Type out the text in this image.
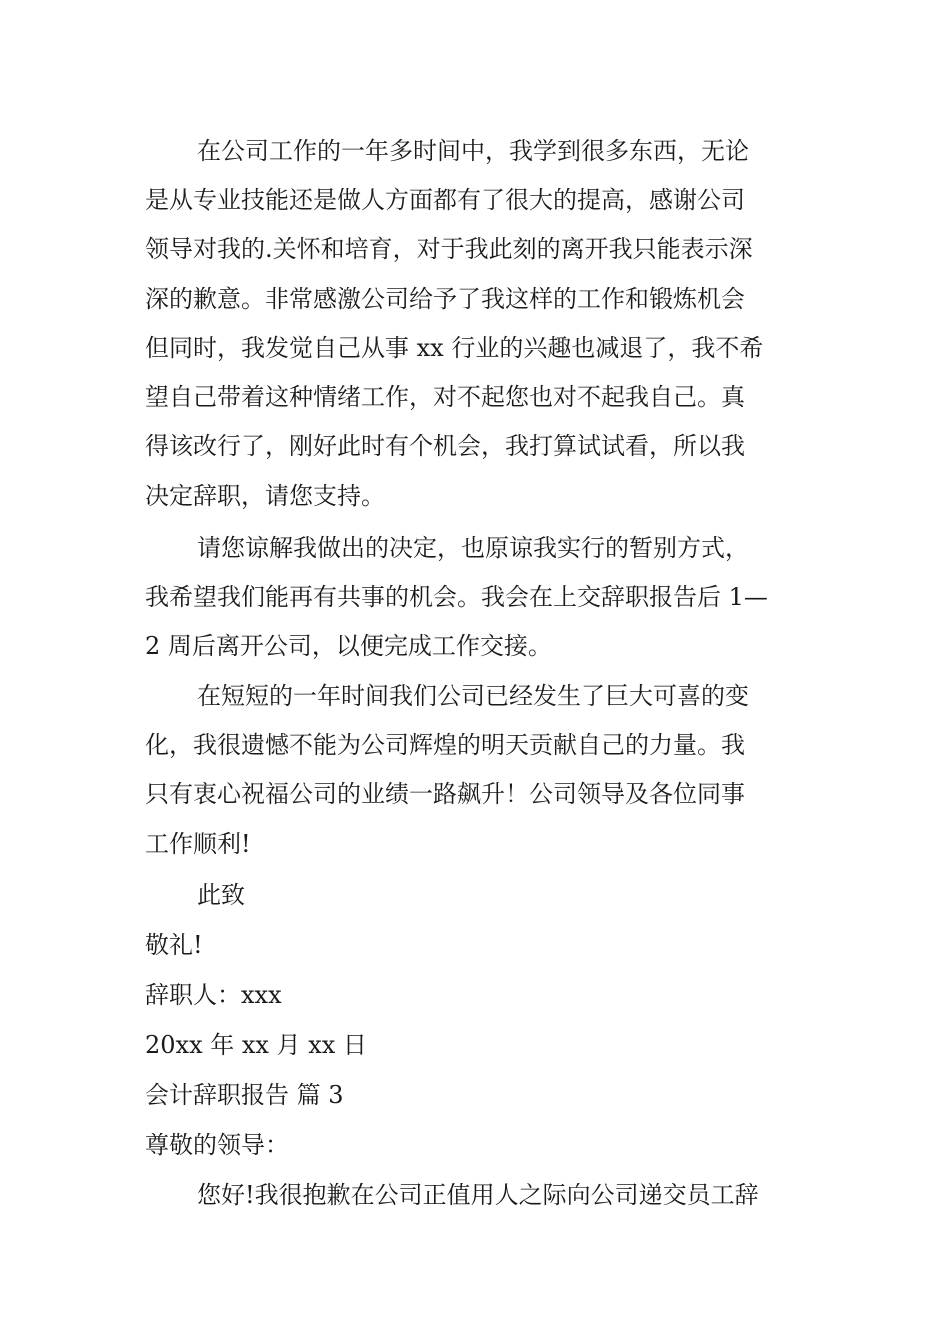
在公司工作的一年多时间中，我学到很多东西，无论
是从专业技能还是做人方面都有了很大的提高，感谢公司
领导对我的.关怀和培育，对于我此刻的离开我只能表示深
深的歉意。非常感激公司给予了我这样的工作和锻炼机会
但同时，我发觉自己从事 xx 行业的兴趣也减退了，我不希
望自己带着这种情绪工作，对不起您也对不起我自己。真
得该改行了，刚好此时有个机会，我打算试试看，所以我
决定辞职，请您支持。
请您谅解我做出的决定，也原谅我实行的暂别方式，
我希望我们能再有共事的机会。我会在上交辞职报告后 1—
2 周后离开公司，以便完成工作交接。
在短短的一年时间我们公司已经发生了巨大可喜的变
化，我很遗憾不能为公司辉煌的明天贡献自己的力量。我
只有衷心祝福公司的业绩一路飙升！公司领导及各位同事
工作顺利!
此致
敬礼!
辞职人：xxx
20xx 年 xx 月 xx 日
会计辞职报告 篇 3
尊敬的领导：
您好!我很抱歉在公司正值用人之际向公司递交员工辞
